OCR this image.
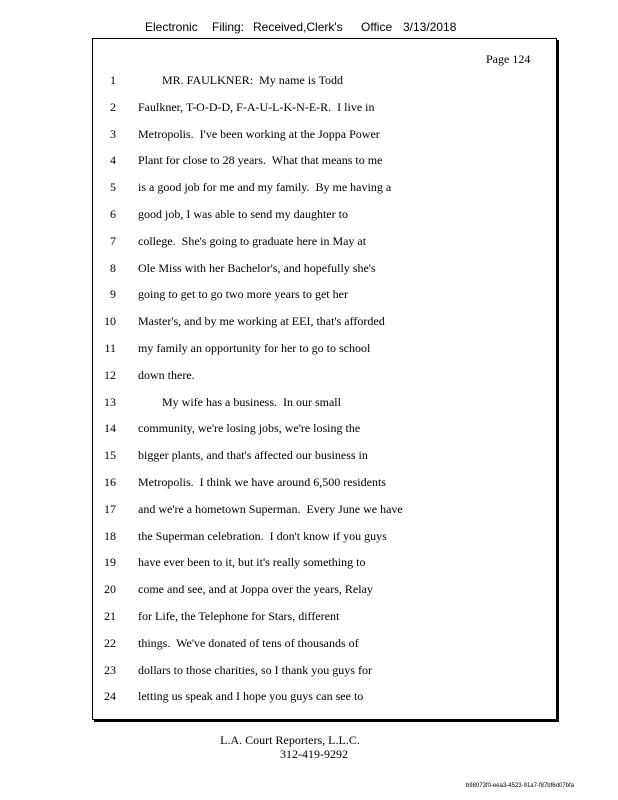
Electronic Filing: Received,Clerk's Office 3/13/2018
Page 124
1 MR. FAULKNER:  My name is Todd
2 Faulkner, T-O-D-D, F-A-U-L-K-N-E-R.  I live in
3 Metropolis.  I've been working at the Joppa Power
4 Plant for close to 28 years.  What that means to me
5 is a good job for me and my family.  By me having a
6 good job, I was able to send my daughter to
7 college.  She's going to graduate here in May at
8 Ole Miss with her Bachelor's, and hopefully she's
9 going to get to go two more years to get her
10 Master's, and by me working at EEI, that's afforded
11 my family an opportunity for her to go to school
12 down there.
13 My wife has a business.  In our small
14 community, we're losing jobs, we're losing the
15 bigger plants, and that's affected our business in
16 Metropolis.  I think we have around 6,500 residents
17 and we're a hometown Superman.  Every June we have
18 the Superman celebration.  I don't know if you guys
19 have ever been to it, but it's really something to
20 come and see, and at Joppa over the years, Relay
21 for Life, the Telephone for Stars, different
22 things.  We've donated of tens of thousands of
23 dollars to those charities, so I thank you guys for
24 letting us speak and I hope you guys can see to
L.A. Court Reporters, L.L.C.
312-419-9292
b98073f0-eea3-4523-91a7-f87bf6d07bfa
